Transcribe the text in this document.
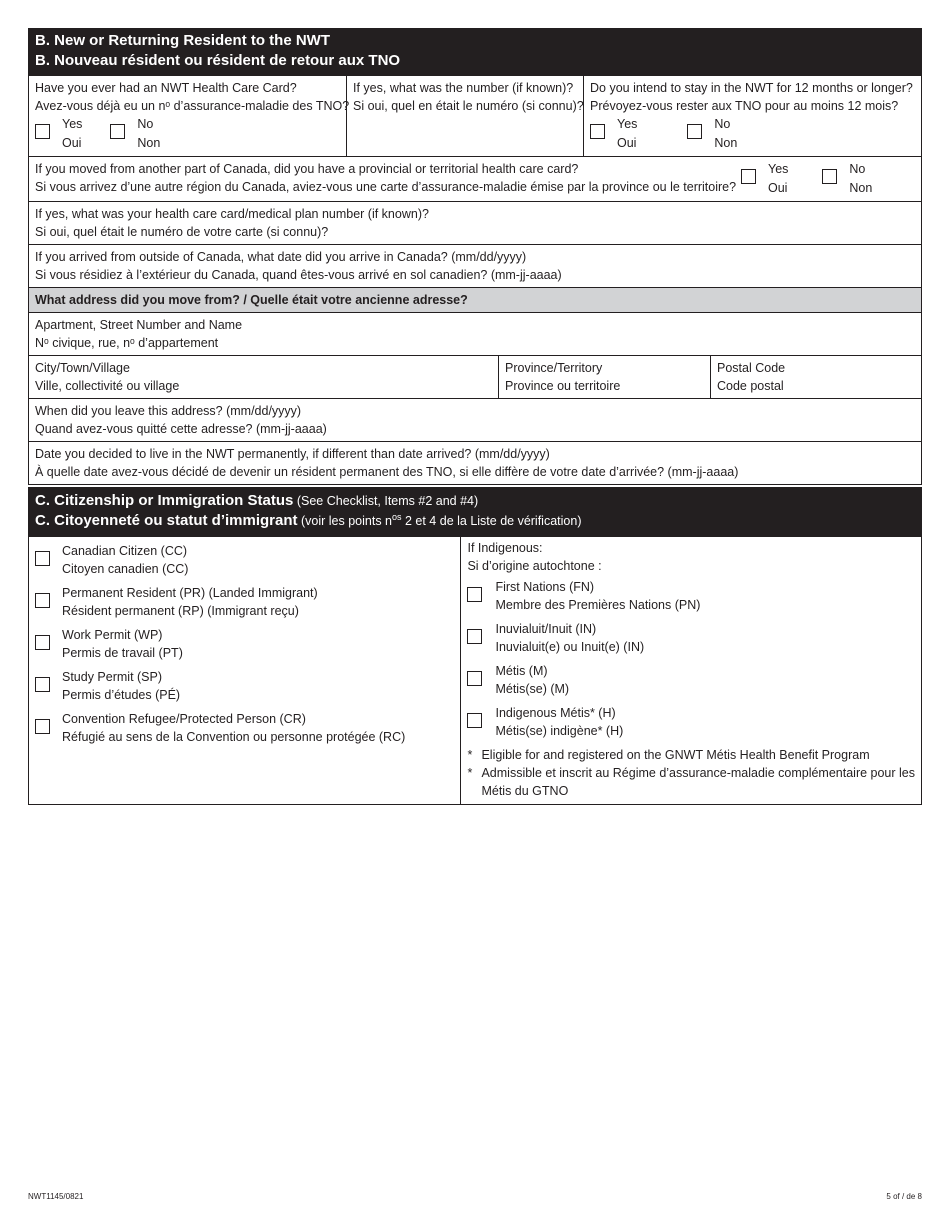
B. New or Returning Resident to the NWT
B. Nouveau résident ou résident de retour aux TNO
Have you ever had an NWT Health Care Card?
Avez-vous déjà eu un nᵒ d’assurance-maladie des TNO?
Yes
Oui
No
Non
If yes, what was the number (if known)?
Si oui, quel en était le numéro (si connu)?
Do you intend to stay in the NWT for 12 months or longer?
Prévoyez-vous rester aux TNO pour au moins 12 mois?
Yes
Oui
No
Non
If you moved from another part of Canada, did you have a provincial or territorial health care card?
Si vous arrivez d’une autre région du Canada, aviez-vous une carte d’assurance-maladie émise par la province ou le territoire?
Yes
Oui
No
Non
If yes, what was your health care card/medical plan number (if known)?
Si oui, quel était le numéro de votre carte (si connu)?
If you arrived from outside of Canada, what date did you arrive in Canada? (mm/dd/yyyy)
Si vous résidiez à l’extérieur du Canada, quand êtes-vous arrivé en sol canadien? (mm-jj-aaaa)
What address did you move from? / Quelle était votre ancienne adresse?
Apartment, Street Number and Name
Nᵒ civique, rue, nᵒ d’appartement
City/Town/Village
Ville, collectivité ou village
Province/Territory
Province ou territoire
Postal Code
Code postal
When did you leave this address? (mm/dd/yyyy)
Quand avez-vous quitté cette adresse? (mm-jj-aaaa)
Date you decided to live in the NWT permanently, if different than date arrived? (mm/dd/yyyy)
À quelle date avez-vous décidé de devenir un résident permanent des TNO, si elle diffère de votre date d’arrivée? (mm-jj-aaaa)
C. Citizenship or Immigration Status (See Checklist, Items #2 and #4)
C. Citoyenneté ou statut d’immigrant (voir les points $n^{os}$ 2 et 4 de la Liste de vérification)
Canadian Citizen (CC)
Citoyen canadien (CC)
Permanent Resident (PR) (Landed Immigrant)
Résident permanent (RP) (Immigrant reçu)
Work Permit (WP)
Permis de travail (PT)
Study Permit (SP)
Permis d’études (PÉ)
Convention Refugee/Protected Person (CR)
Réfugié au sens de la Convention ou personne protégée (RC)
If Indigenous:
Si d’origine autochtone :
First Nations (FN)
Membre des Premières Nations (PN)
Inuvialuit/Inuit (IN)
Inuvialuit(e) ou Inuit(e) (IN)
Métis (M)
Métis(se) (M)
Indigenous Métis* (H)
Métis(se) indigène* (H)
* Eligible for and registered on the GNWT Métis Health Benefit Program
* Admissible et inscrit au Régime d’assurance-maladie complémentaire pour les
Métis du GTNO
NWT1145/0821	5 of / de 8
